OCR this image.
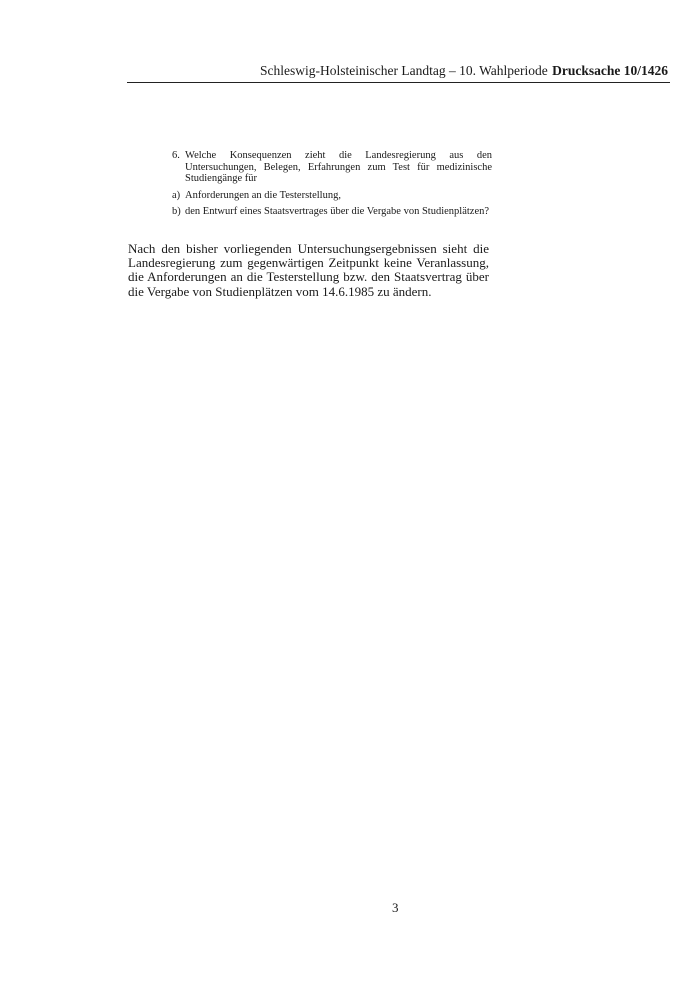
Schleswig-Holsteinischer Landtag – 10. Wahlperiode Drucksache 10/1426
6. Welche Konsequenzen zieht die Landesregierung aus den Untersuchungen, Belegen, Erfahrungen zum Test für medizinische Studiengänge für
a) Anforderungen an die Testerstellung,
b) den Entwurf eines Staatsvertrages über die Vergabe von Studienplätzen?
Nach den bisher vorliegenden Untersuchungsergebnissen sieht die Landesregierung zum gegenwärtigen Zeitpunkt keine Veranlassung, die Anforderungen an die Testerstellung bzw. den Staatsvertrag über die Vergabe von Studienplätzen vom 14.6.1985 zu ändern.
3
